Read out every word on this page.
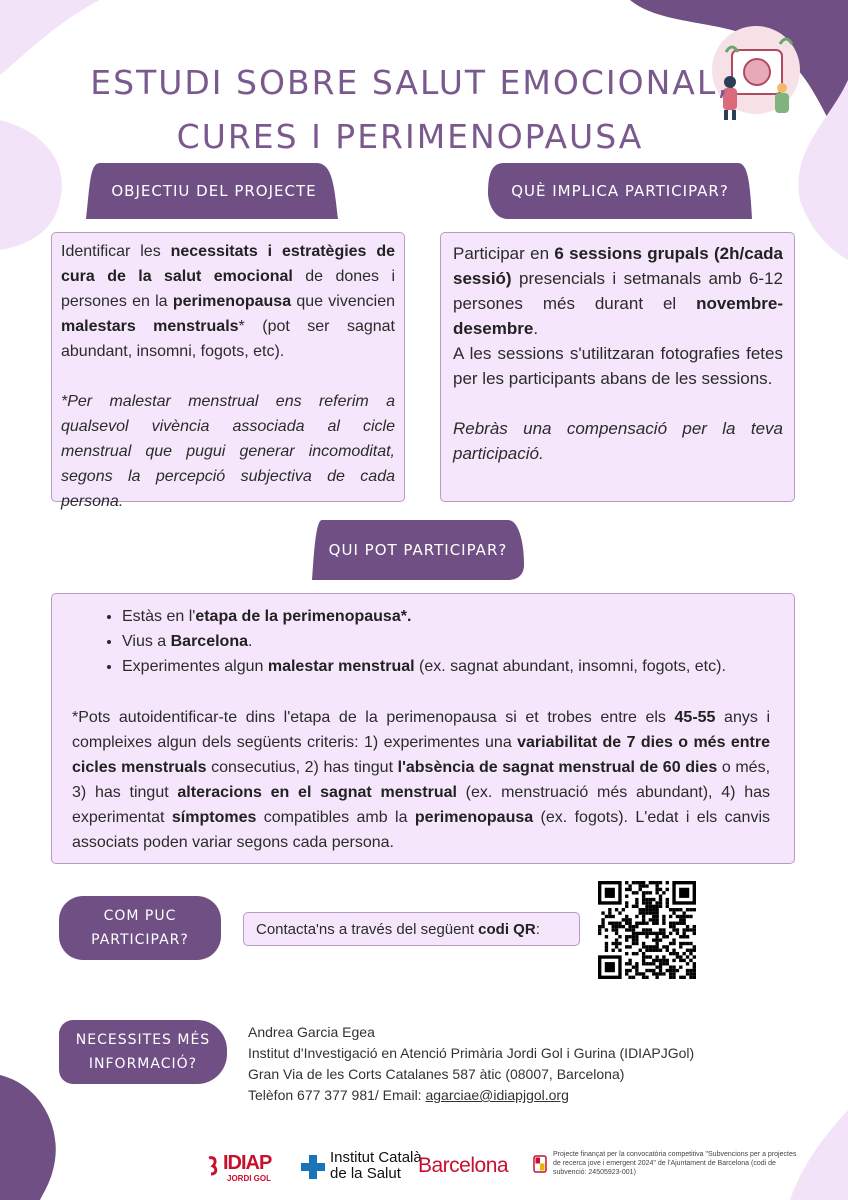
ESTUDI SOBRE SALUT EMOCIONAL,
CURES I PERIMENOPAUSA
OBJECTIU DEL PROJECTE

Identificar les necessitats i estratègies de cura de la salut emocional de dones i persones en la perimenopausa que vivencien malestars menstruals* (pot ser sagnat abundant, insomni, fogots, etc).

*Per malestar menstrual ens referim a qualsevol vivència associada al cicle menstrual que pugui generar incomoditat, segons la percepció subjectiva de cada persona.

QUÈ IMPLICA PARTICIPAR?

Participar en 6 sessions grupals (2h/cada sessió) presencials i setmanals amb 6-12 persones més durant el novembre-desembre.

A les sessions s'utilitzaran fotografies fetes per les participants abans de les sessions.

Rebràs una compensació per la teva participació.

QUI POT PARTICIPAR?
• Estàs en l'etapa de la perimenopausa*.
• Vius a Barcelona.
• Experimentes algun malestar menstrual (ex. sagnat abundant, insomni, fogots, etc).

*Pots autoidentificar-te dins l'etapa de la perimenopausa si et trobes entre els 45-55 anys i compleixes algun dels següents criteris: 1) experimentes una variabilitat de 7 dies o més entre cicles menstruals consecutius, 2) has tingut l'absència de sagnat menstrual de 60 dies o més, 3) has tingut alteracions en el sagnat menstrual (ex. menstruació més abundant), 4) has experimentat símptomes compatibles amb la perimenopausa (ex. fogots). L'edat i els canvis associats poden variar segons cada persona.

COM PUC
PARTICIPAR?
Contacta'ns a través del següent
codi QR :
NECESSITES MÉS
INFORMACIÓ?
Andrea Garcia Egea
Institut d'Investigació en Atenció Primària Jordi Gol i Gurina (IDIAPJGol)
Gran Via de les Corts Catalanes 587 àtic (08007, Barcelona)
Telèfon 677 377 981/ Email: agarciae@idiapjgol.org
IDIAP
JORDI GOL
Institut Català
de la Salut Barcelona	Projecte finançat per la convocatòria competitiva "Subvencions per a projectes de recerca jove i emergent 2024" de l'Ajuntament de Barcelona (codi de subvenció: 24505923-001)
